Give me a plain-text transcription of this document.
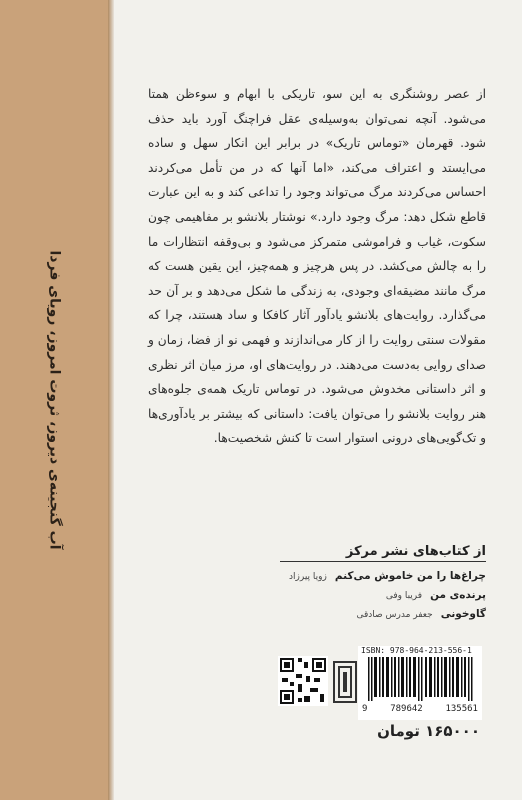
آب گنجینه‌ی دیروز، ثروت امروز، رویای فردا

از عصر روشنگری به این سو، تاریکی با ابهام و سوءظن همتا می‌شود. آنچه نمی‌توان به‌وسیله‌ی عقل فراچنگ آورد باید حذف شود. قهرمان «توماس تاریک» در برابر این انکار سهل و ساده می‌ایستد و اعتراف می‌کند، «اما آنها که در من تأمل می‌کردند احساس می‌کردند مرگ می‌تواند وجود را تداعی کند و به این عبارت قاطع شکل دهد: مرگ وجود دارد.» نوشتار بلانشو بر مفاهیمی چون سکوت، غیاب و فراموشی متمرکز می‌شود و بی‌وقفه انتظارات ما را به چالش می‌کشد. در پس هرچیز و همه‌چیز، این یقین هست که مرگ مانند مضیقه‌ای وجودی، به زندگی ما شکل می‌دهد و بر آن حد می‌گذارد. روایت‌های بلانشو یادآور آثار کافکا و ساد هستند، چرا که مقولات سنتی روایت را از کار می‌اندازند و فهمی نو از فضا، زمان و صدای روایی به‌دست می‌دهند. در روایت‌های او، مرز میان اثر نظری و اثر داستانی مخدوش می‌شود. در توماس تاریک همه‌ی جلوه‌های هنر روایت بلانشو را می‌توان یافت: داستانی که بیشتر بر یادآوری‌ها و تک‌گویی‌های درونی استوار است تا کنش شخصیت‌ها.

از کتاب‌های نشر مرکز
چراغ‌ها را من خاموش می‌کنم
زویا پیرزاد
پرنده‌ی من
فریبا وفی
گاوخونی
جعفر مدرس صادقی
ISBN: 978-964-213-556-1
9	789642	135561
۱۶۵۰۰۰ تومان
